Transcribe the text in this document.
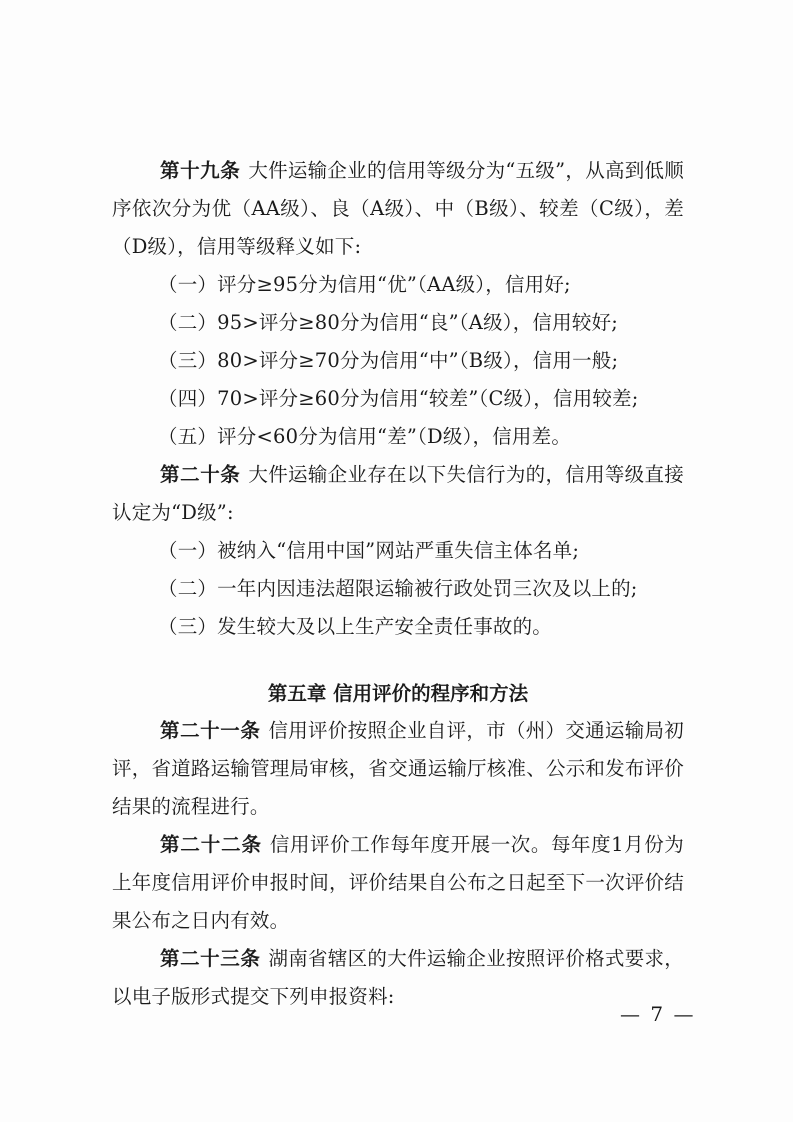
第十九条 大件运输企业的信用等级分为“五级”，从高到低顺序依次分为优（AA级）、良（A级）、中（B级）、较差（C级），差（D级），信用等级释义如下:

（一）评分≥95分为信用“优”（AA级），信用好;

（二）95>评分≥80分为信用“良”（A级），信用较好;

（三）80>评分≥70分为信用“中”（B级），信用一般;

（四）70>评分≥60分为信用“较差”（C级），信用较差;

（五）评分<60分为信用“差”（D级），信用差。

第二十条 大件运输企业存在以下失信行为的，信用等级直接认定为“D级”:

（一）被纳入“信用中国”网站严重失信主体名单;

（二）一年内因违法超限运输被行政处罚三次及以上的;

（三）发生较大及以上生产安全责任事故的。

第五章 信用评价的程序和方法

第二十一条 信用评价按照企业自评，市（州）交通运输局初评，省道路运输管理局审核，省交通运输厅核准、公示和发布评价结果的流程进行。

第二十二条 信用评价工作每年度开展一次。每年度1月份为上年度信用评价申报时间，评价结果自公布之日起至下一次评价结果公布之日内有效。

第二十三条 湖南省辖区的大件运输企业按照评价格式要求，以电子版形式提交下列申报资料:

— 7 —
